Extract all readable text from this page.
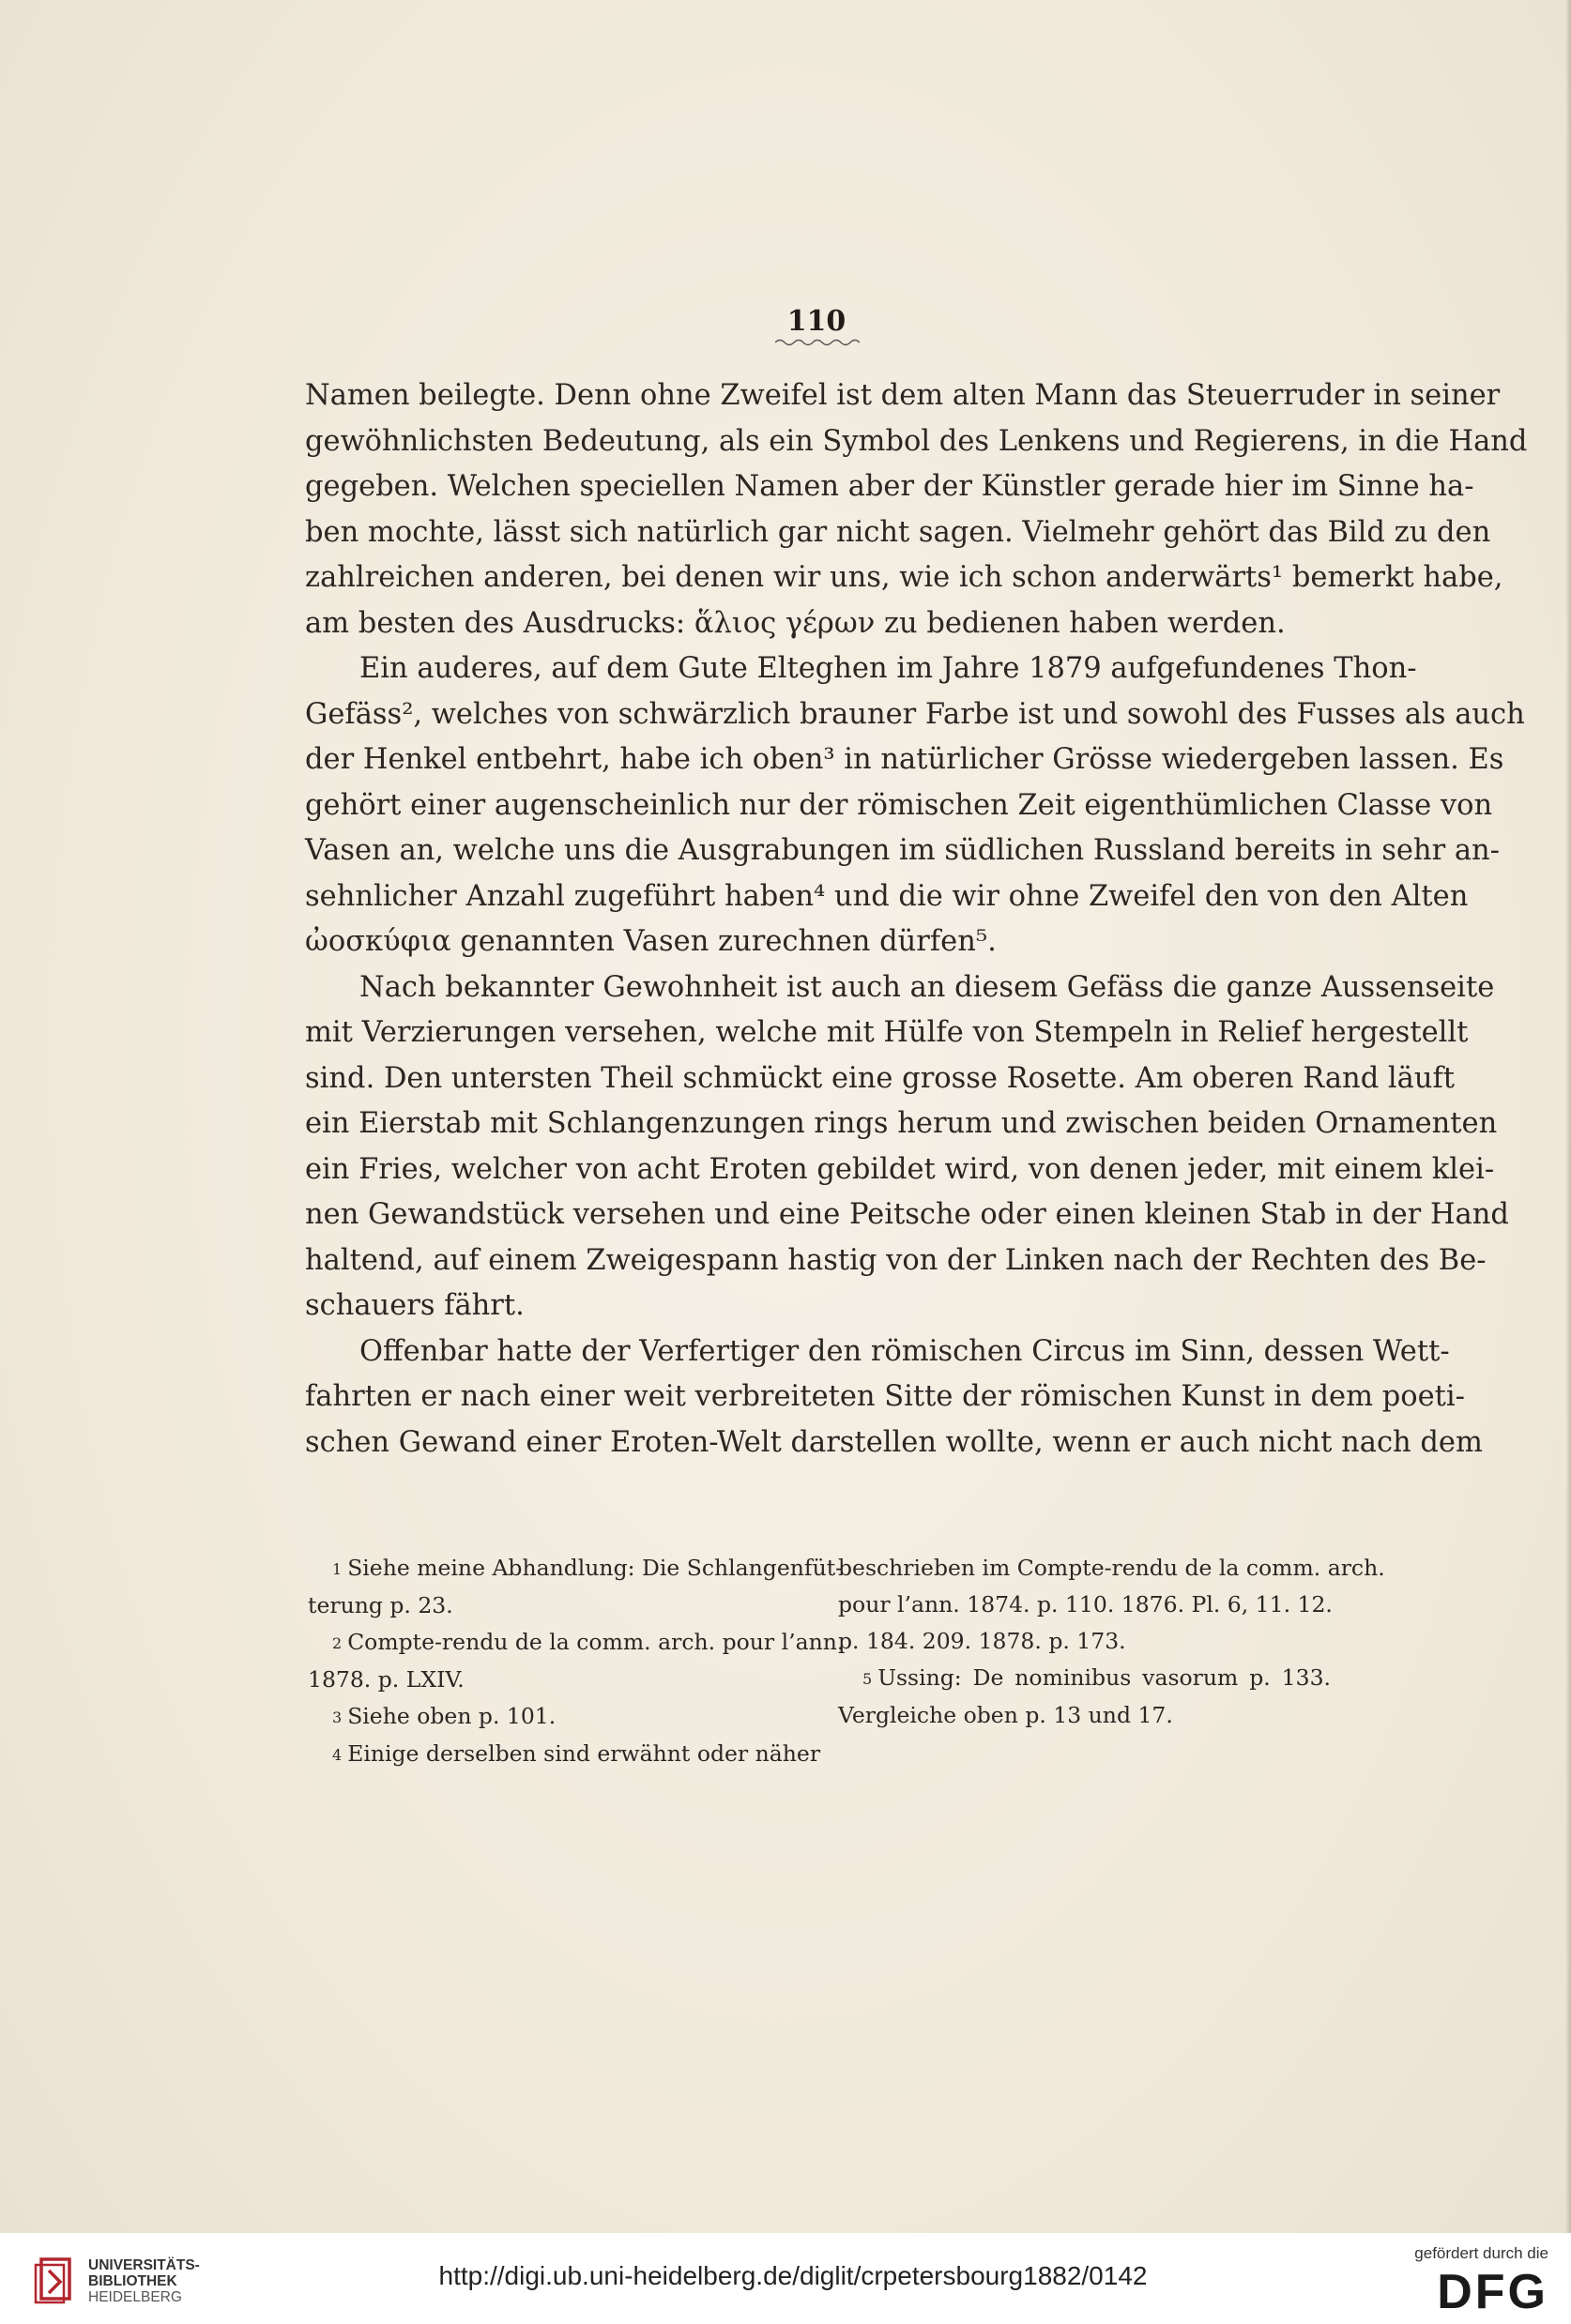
110

Namen beilegte. Denn ohne Zweifel ist dem alten Mann das Steuerruder in seiner
gewöhnlichsten Bedeutung, als ein Symbol des Lenkens und Regierens, in die Hand
gegeben. Welchen speciellen Namen aber der Künstler gerade hier im Sinne ha-
ben mochte, lässt sich natürlich gar nicht sagen. Vielmehr gehört das Bild zu den
zahlreichen anderen, bei denen wir uns, wie ich schon anderwärts¹ bemerkt habe,
am besten des Ausdrucks: ἅλιος γέρων zu bedienen haben werden.

Ein auderes, auf dem Gute Elteghen im Jahre 1879 aufgefundenes Thon-
Gefäss², welches von schwärzlich brauner Farbe ist und sowohl des Fusses als auch
der Henkel entbehrt, habe ich oben³ in natürlicher Grösse wiedergeben lassen. Es
gehört einer augenscheinlich nur der römischen Zeit eigenthümlichen Classe von
Vasen an, welche uns die Ausgrabungen im südlichen Russland bereits in sehr an-
sehnlicher Anzahl zugeführt haben⁴ und die wir ohne Zweifel den von den Alten
ὠοσκύφια genannten Vasen zurechnen dürfen⁵.

Nach bekannter Gewohnheit ist auch an diesem Gefäss die ganze Aussenseite
mit Verzierungen versehen, welche mit Hülfe von Stempeln in Relief hergestellt
sind. Den untersten Theil schmückt eine grosse Rosette. Am oberen Rand läuft
ein Eierstab mit Schlangenzungen rings herum und zwischen beiden Ornamenten
ein Fries, welcher von acht Eroten gebildet wird, von denen jeder, mit einem klei-
nen Gewandstück versehen und eine Peitsche oder einen kleinen Stab in der Hand
haltend, auf einem Zweigespann hastig von der Linken nach der Rechten des Be-
schauers fährt.

Offenbar hatte der Verfertiger den römischen Circus im Sinn, dessen Wett-
fahrten er nach einer weit verbreiteten Sitte der römischen Kunst in dem poeti-
schen Gewand einer Eroten-Welt darstellen wollte, wenn er auch nicht nach dem

1 Siehe meine Abhandlung: Die Schlangenfüt-
terung p. 23.
2 Compte-rendu de la comm. arch. pour l’ann.
1878. p. LXIV.
3 Siehe oben p. 101.
4 Einige derselben sind erwähnt oder näher
beschrieben im Compte-rendu de la comm. arch.
pour l’ann. 1874. p. 110. 1876. Pl. 6, 11. 12.
p. 184. 209. 1878. p. 173.
5 Ussing: De nominibus vasorum p. 133.
Vergleiche oben p. 13 und 17.
UNIVERSITÄTS-
BIBLIOTHEK
HEIDELBERG
http://digi.ub.uni-heidelberg.de/diglit/crpetersbourg1882/0142
gefördert durch die
DFG
